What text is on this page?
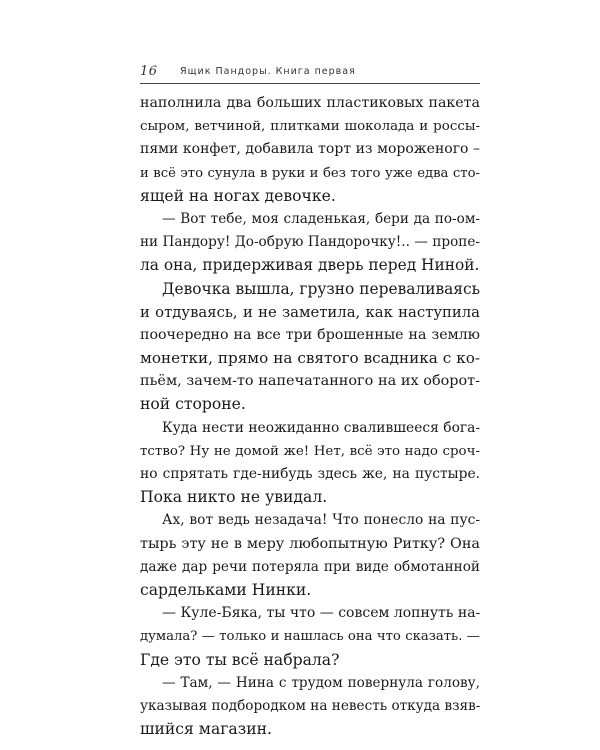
16 Ящик Пандоры. Книга первая
наполнила два больших пластиковых пакета
сыром, ветчиной, плитками шоколада и россы-
пями конфет, добавила торт из мороженого –
и всё это сунула в руки и без того уже едва сто-
ящей на ногах девочке.
— Вот тебе, моя сладенькая, бери да по-ом-
ни Пандору! До-обрую Пандорочку!.. — пропе-
ла она, придерживая дверь перед Ниной.
Девочка вышла, грузно переваливаясь
и отдуваясь, и не заметила, как наступила
поочередно на все три брошенные на землю
монетки, прямо на святого всадника с ко-
пьём, зачем-то напечатанного на их оборот-
ной стороне.
Куда нести неожиданно свалившееся бога-
тство? Ну не домой же! Нет, всё это надо сроч-
но спрятать где-нибудь здесь же, на пустыре.
Пока никто не увидал.
Ах, вот ведь незадача! Что понесло на пус-
тырь эту не в меру любопытную Ритку? Она
даже дар речи потеряла при виде обмотанной
сардельками Нинки.
— Куле-Бяка, ты что — совсем лопнуть на-
думала? — только и нашлась она что сказать. —
Где это ты всё набрала?
— Там, — Нина с трудом повернула голову,
указывая подбородком на невесть откуда взяв-
шийся магазин.
